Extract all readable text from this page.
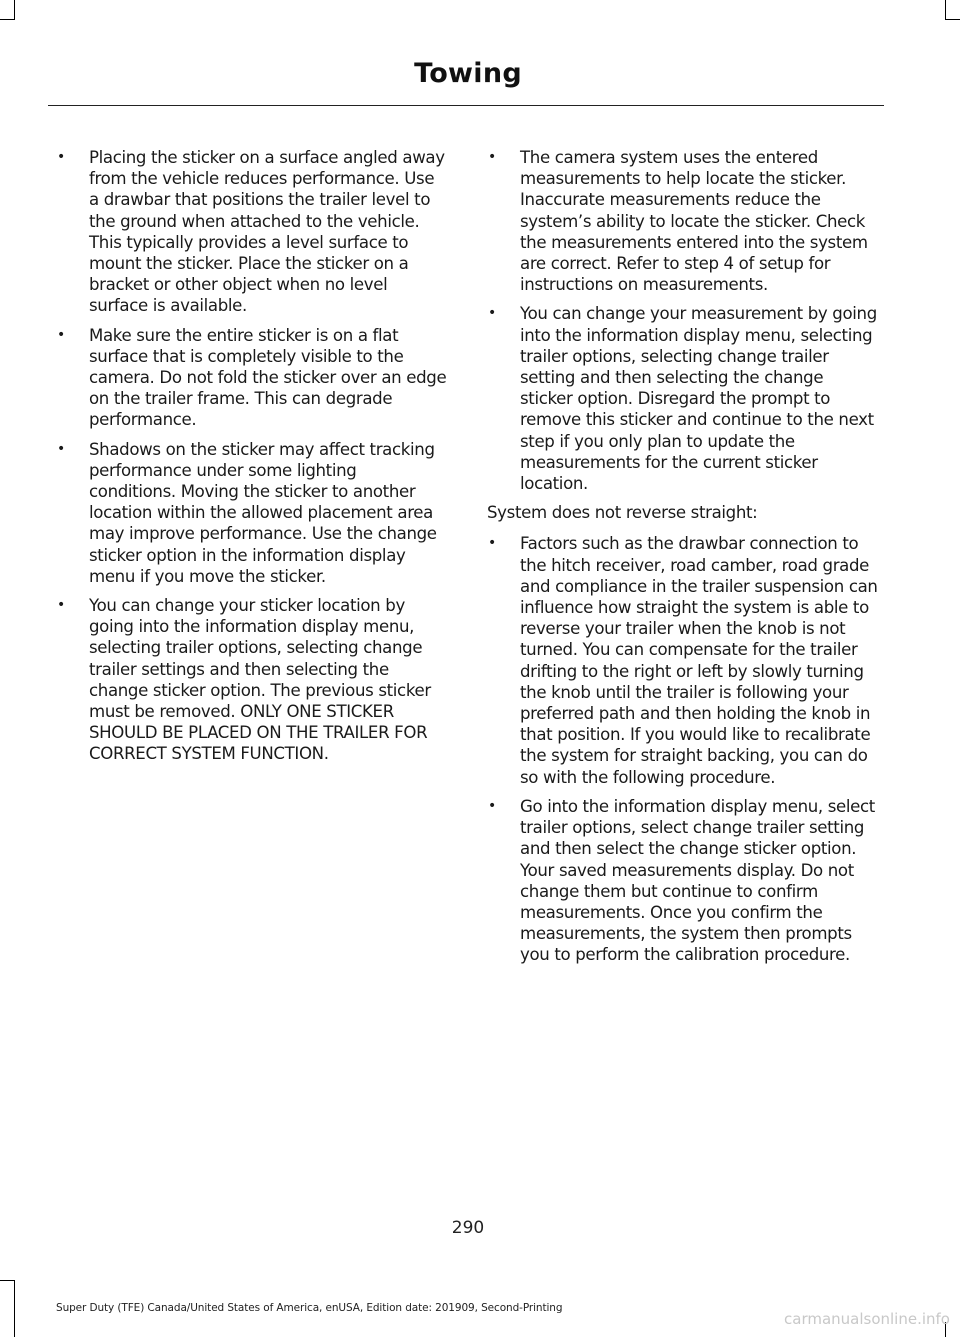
Towing
• Placing the sticker on a surface angled away from the vehicle reduces performance. Use a drawbar that positions the trailer level to the ground when attached to the vehicle. This typically provides a level surface to mount the sticker. Place the sticker on a bracket or other object when no level surface is available.
• Make sure the entire sticker is on a flat surface that is completely visible to the camera. Do not fold the sticker over an edge on the trailer frame. This can degrade performance.
• Shadows on the sticker may affect tracking performance under some lighting conditions. Moving the sticker to another location within the allowed placement area may improve performance. Use the change sticker option in the information display menu if you move the sticker.
• You can change your sticker location by going into the information display menu, selecting trailer options, selecting change trailer settings and then selecting the change sticker option. The previous sticker must be removed. ONLY ONE STICKER SHOULD BE PLACED ON THE TRAILER FOR CORRECT SYSTEM FUNCTION.
• The camera system uses the entered measurements to help locate the sticker. Inaccurate measurements reduce the system’s ability to locate the sticker. Check the measurements entered into the system are correct. Refer to step 4 of setup for instructions on measurements.
• You can change your measurement by going into the information display menu, selecting trailer options, selecting change trailer setting and then selecting the change sticker option. Disregard the prompt to remove this sticker and continue to the next step if you only plan to update the measurements for the current sticker location.
System does not reverse straight:
• Factors such as the drawbar connection to the hitch receiver, road camber, road grade and compliance in the trailer suspension can influence how straight the system is able to reverse your trailer when the knob is not turned. You can compensate for the trailer drifting to the right or left by slowly turning the knob until the trailer is following your preferred path and then holding the knob in that position. If you would like to recalibrate the system for straight backing, you can do so with the following procedure.
• Go into the information display menu, select trailer options, select change trailer setting and then select the change sticker option. Your saved measurements display. Do not change them but continue to confirm measurements. Once you confirm the measurements, the system then prompts you to perform the calibration procedure.
290
Super Duty (TFE) Canada/United States of America, enUSA, Edition date: 201909, Second-Printing
carmanualsonline.info
